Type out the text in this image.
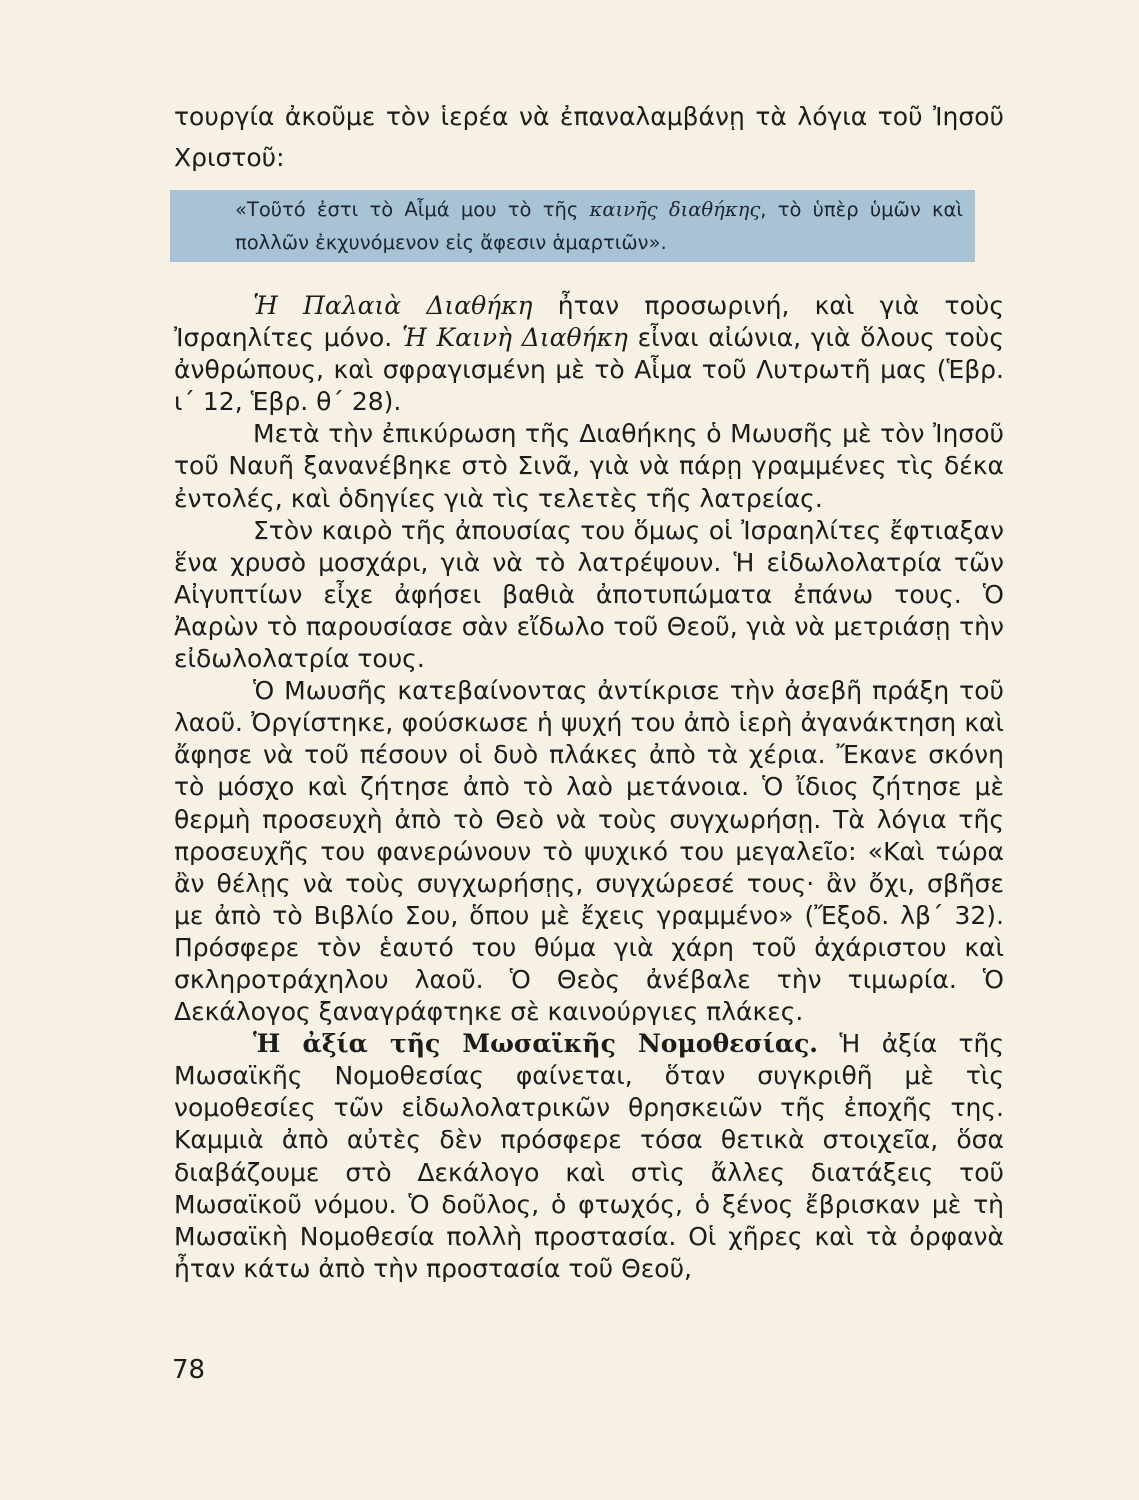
τουργία ἀκοῦμε τὸν ἱερέα νὰ ἐπαναλαμβάνῃ τὰ λόγια τοῦ Ἰησοῦ Χριστοῦ:
«Τοῦτό ἐστι τὸ Αἷμά μου τὸ τῆς καινῆς διαθήκης, τὸ ὑπὲρ ὑμῶν καὶ πολλῶν ἐκχυνόμενον εἰς ἄφεσιν ἁμαρτιῶν».

Ἡ Παλαιὰ Διαθήκη ἦταν προσωρινή, καὶ γιὰ τοὺς Ἰσραηλίτες μόνο. Ἡ Καινὴ Διαθήκη εἶναι αἰώνια, γιὰ ὅλους τοὺς ἀνθρώπους, καὶ σφραγισμένη μὲ τὸ Αἷμα τοῦ Λυτρωτῆ μας (Ἑβρ. ι΄ 12, Ἑβρ. θ΄ 28).

Μετὰ τὴν ἐπικύρωση τῆς Διαθήκης ὁ Μωυσῆς μὲ τὸν Ἰησοῦ τοῦ Ναυῆ ξανανέβηκε στὸ Σινᾶ, γιὰ νὰ πάρῃ γραμμένες τὶς δέκα ἐντολές, καὶ ὁδηγίες γιὰ τὶς τελετὲς τῆς λατρείας.

Στὸν καιρὸ τῆς ἀπουσίας του ὅμως οἱ Ἰσραηλίτες ἔφτιαξαν ἕνα χρυσὸ μοσχάρι, γιὰ νὰ τὸ λατρέψουν. Ἡ εἰδωλολατρία τῶν Αἰγυπτίων εἶχε ἀφήσει βαθιὰ ἀποτυπώματα ἐπάνω τους. Ὁ Ἀαρὼν τὸ παρουσίασε σὰν εἴδωλο τοῦ Θεοῦ, γιὰ νὰ μετριάσῃ τὴν εἰδωλολατρία τους.

Ὁ Μωυσῆς κατεβαίνοντας ἀντίκρισε τὴν ἀσεβῆ πράξη τοῦ λαοῦ. Ὀργίστηκε, φούσκωσε ἡ ψυχή του ἀπὸ ἱερὴ ἀγανάκτηση καὶ ἄφησε νὰ τοῦ πέσουν οἱ δυὸ πλάκες ἀπὸ τὰ χέρια. Ἔκανε σκόνη τὸ μόσχο καὶ ζήτησε ἀπὸ τὸ λαὸ μετάνοια. Ὁ ἴδιος ζήτησε μὲ θερμὴ προσευχὴ ἀπὸ τὸ Θεὸ νὰ τοὺς συγχωρήσῃ. Τὰ λόγια τῆς προσευχῆς του φανερώνουν τὸ ψυχικό του μεγαλεῖο: «Καὶ τώρα ἂν θέλῃς νὰ τοὺς συγχωρήσῃς, συγχώρεσέ τους· ἂν ὄχι, σβῆσε με ἀπὸ τὸ Βιβλίο Σου, ὅπου μὲ ἔχεις γραμμένο» (Ἔξοδ. λβ΄ 32). Πρόσφερε τὸν ἑαυτό του θύμα γιὰ χάρη τοῦ ἀχάριστου καὶ σκληροτράχηλου λαοῦ. Ὁ Θεὸς ἀνέβαλε τὴν τιμωρία. Ὁ Δεκάλογος ξαναγράφτηκε σὲ καινούργιες πλάκες.

Ἡ ἀξία τῆς Μωσαϊκῆς Νομοθεσίας. Ἡ ἀξία τῆς Μωσαϊκῆς Νομοθεσίας φαίνεται, ὅταν συγκριθῆ μὲ τὶς νομοθεσίες τῶν εἰδωλολατρικῶν θρησκειῶν τῆς ἐποχῆς της. Καμμιὰ ἀπὸ αὐτὲς δὲν πρόσφερε τόσα θετικὰ στοιχεῖα, ὅσα διαβάζουμε στὸ Δεκάλογο καὶ στὶς ἄλλες διατάξεις τοῦ Μωσαϊκοῦ νόμου. Ὁ δοῦλος, ὁ φτωχός, ὁ ξένος ἔβρισκαν μὲ τὴ Μωσαϊκὴ Νομοθεσία πολλὴ προστασία. Οἱ χῆρες καὶ τὰ ὀρφανὰ ἦταν κάτω ἀπὸ τὴν προστασία τοῦ Θεοῦ,

78
